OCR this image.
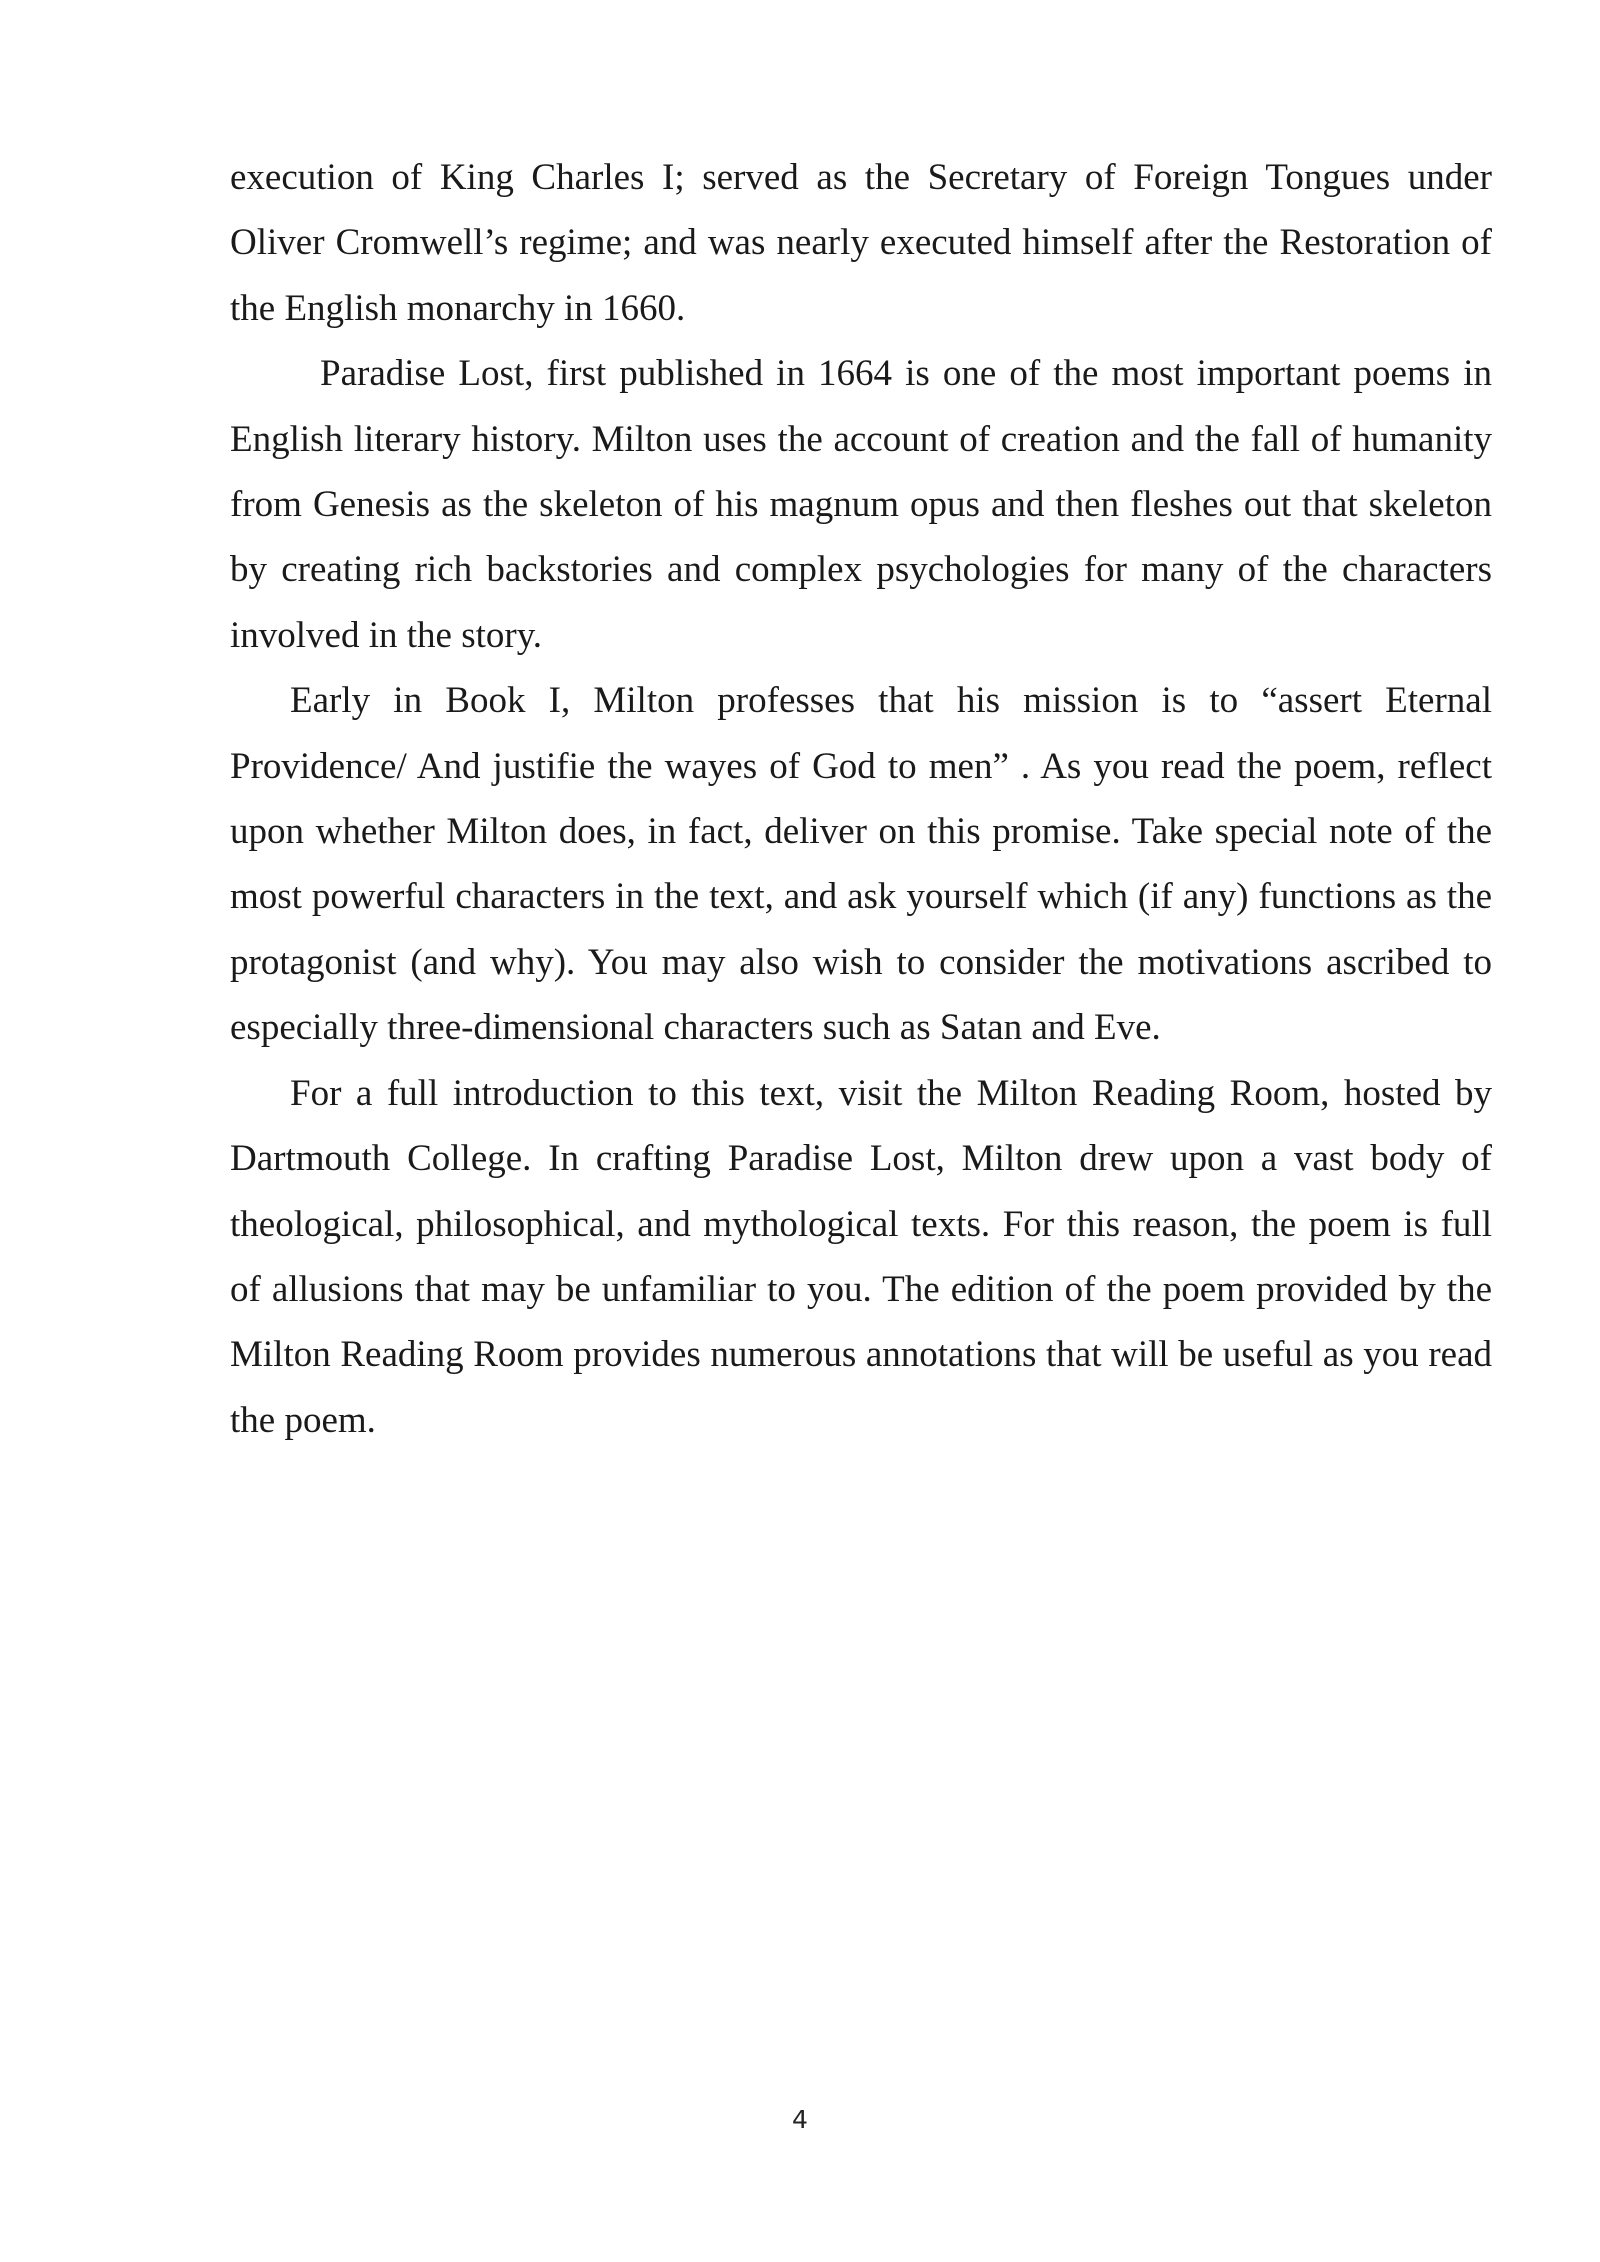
execution of King Charles I; served as the Secretary of Foreign Tongues under Oliver Cromwell’s regime; and was nearly executed himself after the Restoration of the English monarchy in 1660.

Paradise Lost, first published in 1664 is one of the most important poems in English literary history. Milton uses the account of creation and the fall of humanity from Genesis as the skeleton of his magnum opus and then fleshes out that skeleton by creating rich backstories and complex psychologies for many of the characters involved in the story.

Early in Book I, Milton professes that his mission is to “assert Eternal Providence/ And justifie the wayes of God to men” . As you read the poem, reflect upon whether Milton does, in fact, deliver on this promise. Take special note of the most powerful characters in the text, and ask yourself which (if any) functions as the protagonist (and why). You may also wish to consider the motivations ascribed to especially three-dimensional characters such as Satan and Eve.

For a full introduction to this text, visit the Milton Reading Room, hosted by Dartmouth College. In crafting Paradise Lost, Milton drew upon a vast body of theological, philosophical, and mythological texts. For this reason, the poem is full of allusions that may be unfamiliar to you. The edition of the poem provided by the Milton Reading Room provides numerous annotations that will be useful as you read the poem.

4
